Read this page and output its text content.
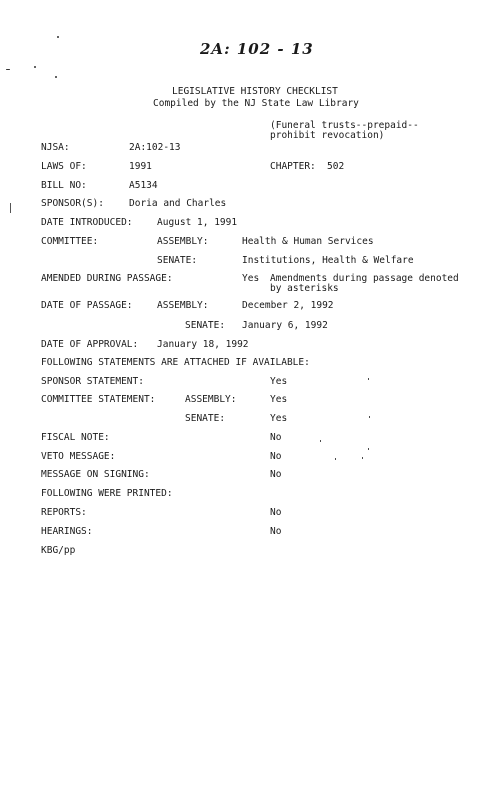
2A: 102 - 13
LEGISLATIVE HISTORY CHECKLIST
Compiled by the NJ State Law Library
(Funeral trusts--prepaid--
prohibit revocation)
NJSA:	2A:102-13
LAWS OF:	1991	CHAPTER: 502
BILL NO:	A5134
SPONSOR(S):	Doria and Charles
DATE INTRODUCED:	August 1, 1991
COMMITTEE:	ASSEMBLY:	Health & Human Services
SENATE:	Institutions, Health & Welfare
AMENDED DURING PASSAGE:	Yes Amendments during passage denoted
by asterisks
DATE OF PASSAGE:	ASSEMBLY:	December 2, 1992
SENATE: January 6, 1992
DATE OF APPROVAL: January 18, 1992
FOLLOWING STATEMENTS ARE ATTACHED IF AVAILABLE:
SPONSOR STATEMENT:	Yes
COMMITTEE STATEMENT:	ASSEMBLY:	Yes
SENATE:	Yes
FISCAL NOTE:	No
VETO MESSAGE:	No
MESSAGE ON SIGNING:	No
FOLLOWING WERE PRINTED:
REPORTS:	No
HEARINGS:	No
KBG/pp
